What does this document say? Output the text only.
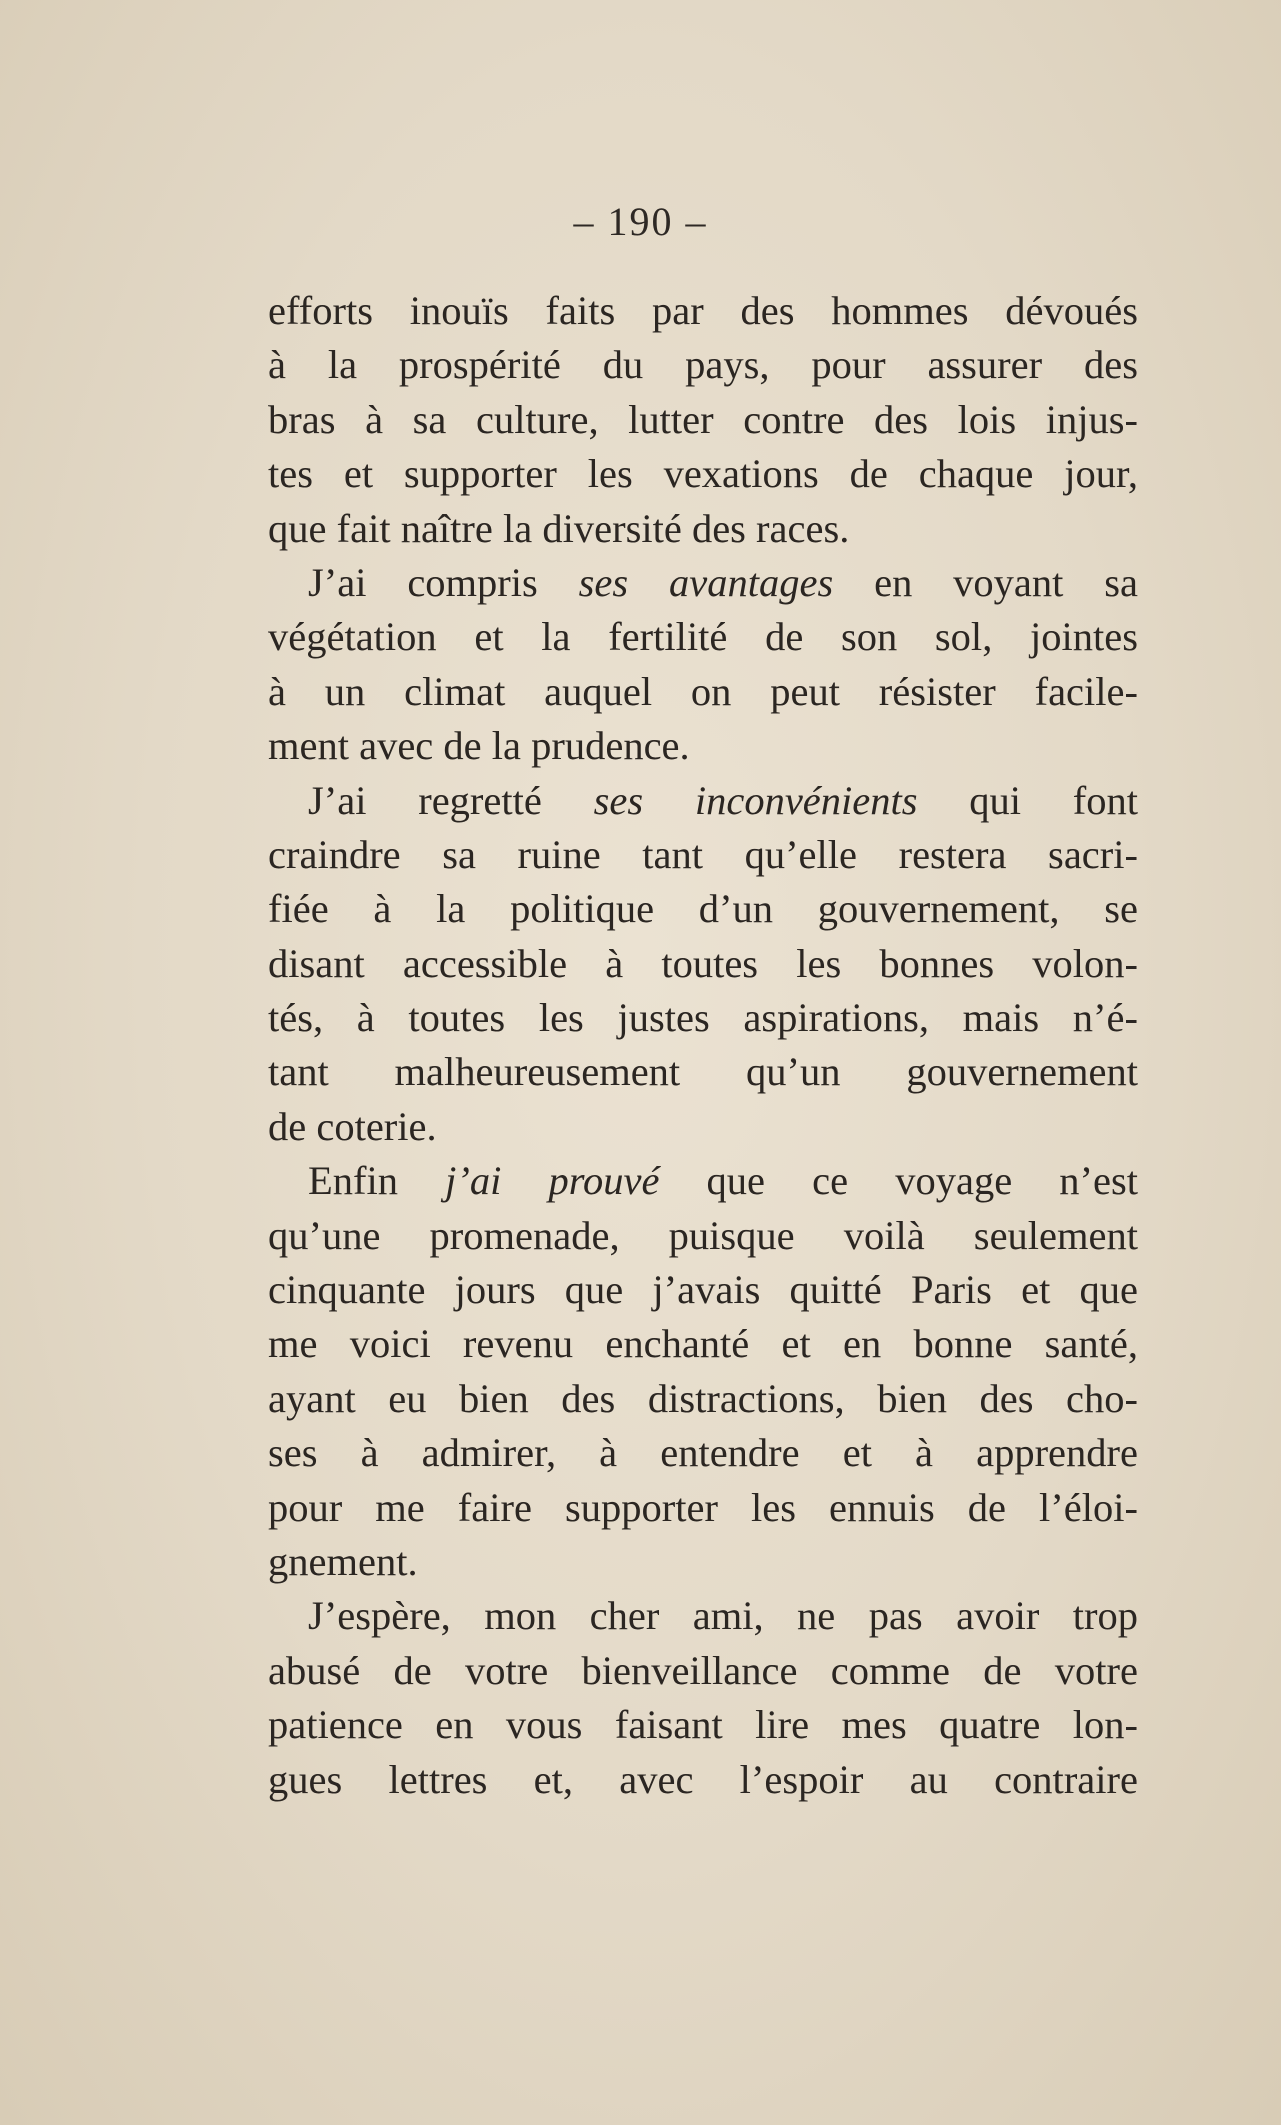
– 190 –
efforts inouïs faits par des hommes dévoués
à la prospérité du pays, pour assurer des
bras à sa culture, lutter contre des lois injus-
tes et supporter les vexations de chaque jour,
que fait naître la diversité des races.
J’ai compris ses avantages en voyant sa
végétation et la fertilité de son sol, jointes
à un climat auquel on peut résister facile-
ment avec de la prudence.
J’ai regretté ses inconvénients qui font
craindre sa ruine tant qu’elle restera sacri-
fiée à la politique d’un gouvernement, se
disant accessible à toutes les bonnes volon-
tés, à toutes les justes aspirations, mais n’é-
tant malheureusement qu’un gouvernement
de coterie.
Enfin j’ai prouvé que ce voyage n’est
qu’une promenade, puisque voilà seulement
cinquante jours que j’avais quitté Paris et que
me voici revenu enchanté et en bonne santé,
ayant eu bien des distractions, bien des cho-
ses à admirer, à entendre et à apprendre
pour me faire supporter les ennuis de l’éloi-
gnement.
J’espère, mon cher ami, ne pas avoir trop
abusé de votre bienveillance comme de votre
patience en vous faisant lire mes quatre lon-
gues lettres et, avec l’espoir au contraire
